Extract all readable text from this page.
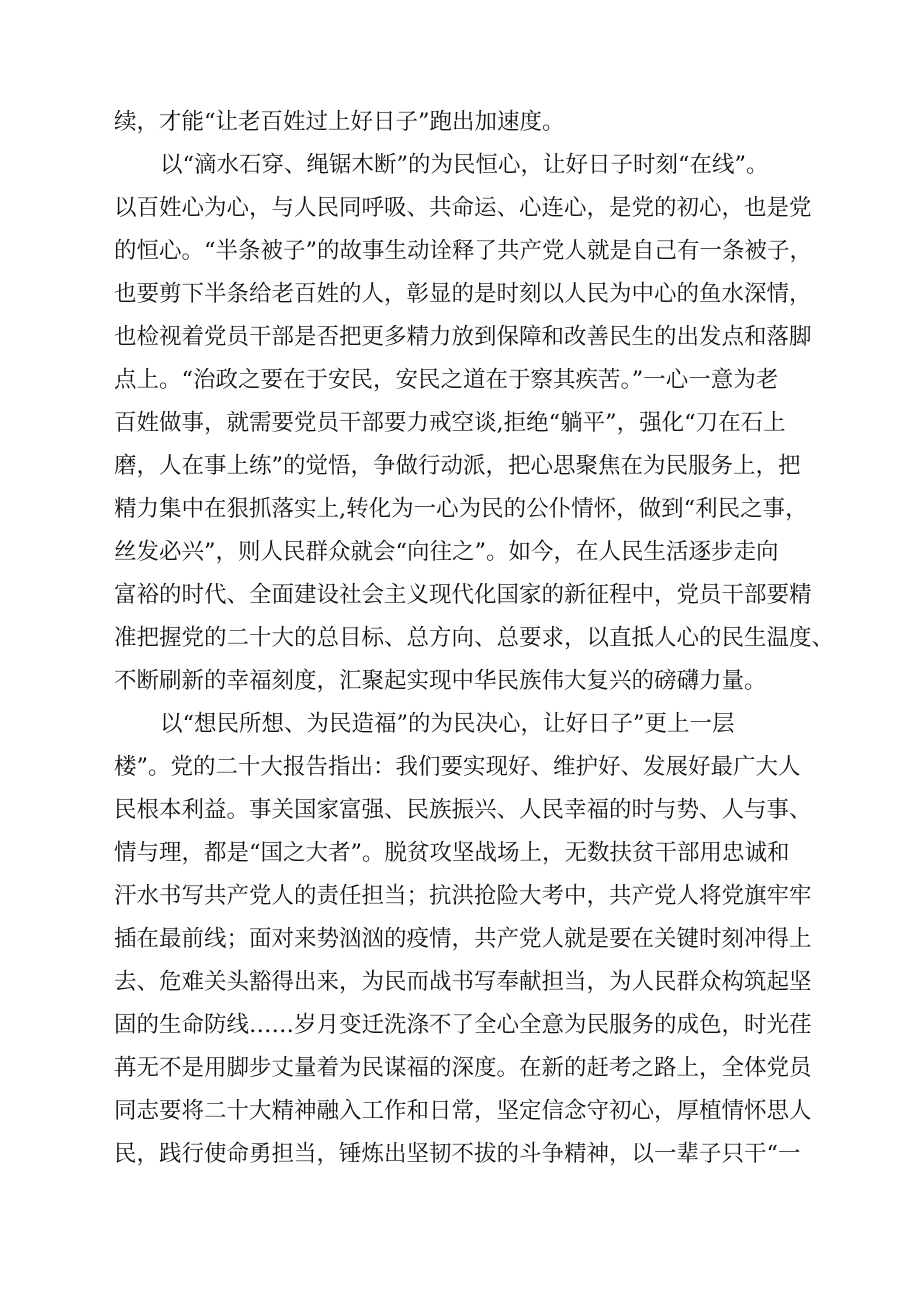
续，才能“让老百姓过上好日子”跑出加速度。
以“滴水石穿、绳锯木断”的为民恒心，让好日子时刻“在线”。
以百姓心为心，与人民同呼吸、共命运、心连心，是党的初心，也是党
的恒心。“半条被子”的故事生动诠释了共产党人就是自己有一条被子，
也要剪下半条给老百姓的人，彰显的是时刻以人民为中心的鱼水深情，
也检视着党员干部是否把更多精力放到保障和改善民生的出发点和落脚
点上。“治政之要在于安民，安民之道在于察其疾苦。”一心一意为老
百姓做事，就需要党员干部要力戒空谈,拒绝“躺平”，强化“刀在石上
磨，人在事上练”的觉悟，争做行动派，把心思聚焦在为民服务上，把
精力集中在狠抓落实上,转化为一心为民的公仆情怀，做到“利民之事，
丝发必兴”，则人民群众就会“向往之”。如今，在人民生活逐步走向
富裕的时代、全面建设社会主义现代化国家的新征程中，党员干部要精
准把握党的二十大的总目标、总方向、总要求，以直抵人心的民生温度、
不断刷新的幸福刻度，汇聚起实现中华民族伟大复兴的磅礴力量。
以“想民所想、为民造福”的为民决心，让好日子”更上一层
楼”。党的二十大报告指出：我们要实现好、维护好、发展好最广大人
民根本利益。事关国家富强、民族振兴、人民幸福的时与势、人与事、
情与理，都是“国之大者”。脱贫攻坚战场上，无数扶贫干部用忠诚和
汗水书写共产党人的责任担当；抗洪抢险大考中，共产党人将党旗牢牢
插在最前线；面对来势汹汹的疫情，共产党人就是要在关键时刻冲得上
去、危难关头豁得出来，为民而战书写奉献担当，为人民群众构筑起坚
固的生命防线……岁月变迁洗涤不了全心全意为民服务的成色，时光荏
苒无不是用脚步丈量着为民谋福的深度。在新的赶考之路上，全体党员
同志要将二十大精神融入工作和日常，坚定信念守初心，厚植情怀思人
民，践行使命勇担当，锤炼出坚韧不拔的斗争精神，以一辈子只干“一
